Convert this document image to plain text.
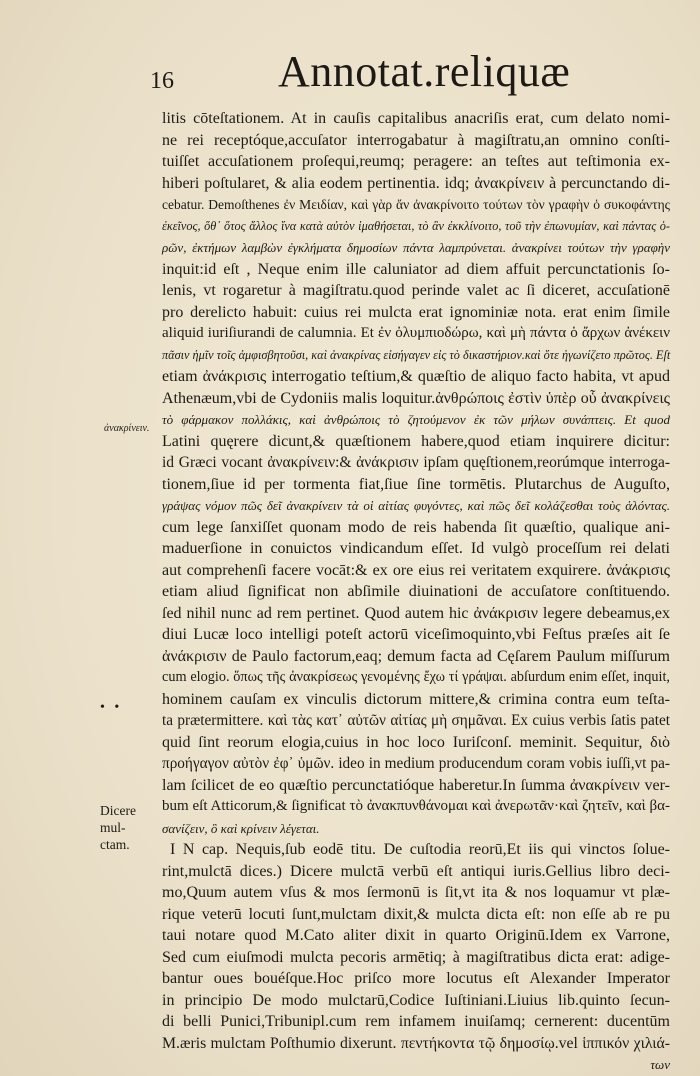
16 Annotat.reliquæ
ἀνακρίνειν.
• •
Dicere mul-
ctam.
litis cōteſtationem. At in cauſis capitalibus anacriſis erat, cum delato nomi-
ne rei receptóque,accuſator interrogabatur à magiſtratu,an omnino conſti-
tuiſſet accuſationem proſequi,reumq; peragere: an teſtes aut teſtimonia ex-
hiberi poſtularet, & alia eodem pertinentia. idq; ἀνακρίνειν à percunctando di-
cebatur. Demoſthenes ἐν Μειδίαν, καὶ γὰρ ἄν ἀνακρίνοιτο τούτων τὸν γραφὴν ὁ συκοφάντης
ἐκεῖνος, ὅθ᾽ ὅτος ἄλλος ἵνα κατὰ αὐτὸν ἱμαθήσεται, τὸ ἂν ἐκκλίνοιτο, τοῦ τὴν ἐπωνυμίαν, καὶ πάντας ὁ-
ρῶν, ἐκτήμων λαμβὼν ἐγκλήματα δημοσίων πάντα λαμπρύνεται. ἀνακρίνει τούτων τὴν γραφὴν
inquit:id eſt , Neque enim ille caluniator ad diem affuit percunctationis ſo-
lenis, vt rogaretur à magiſtratu.quod perinde valet ac ſi diceret, accuſationē
pro derelicto habuit: cuius rei mulcta erat ignominiæ nota. erat enim ſimile
aliquid iuriſiurandi de calumnia. Et ἐν ὀλυμπιοδώρω, καὶ μὴ πάντα ὁ ἄρχων ἀνέκειν
πᾶσιν ἡμῖν τοῖς ἀμφισβητοῦσι, καὶ ἀνακρίνας εἰσήγαγεν εἰς τὸ δικαστήριον.καὶ ὅτε ἠγωνίζετο πρῶτος. Eſt
etiam ἀνάκρισις interrogatio teſtium,& quæſtio de aliquo facto habita, vt apud
Athenæum,vbi de Cydoniis malis loquitur.ἀνθρώποις ἐστὶν ὑπὲρ οὗ ἀνακρίνεις
τὸ φάρμακον πολλάκις, καὶ ἀνθρώποις τὸ ζητούμενον ἐκ τῶν μήλων συνάπτεις. Et quod
Latini quęrere dicunt,& quæſtionem habere,quod etiam inquirere dicitur:
id Græci vocant ἀνακρίνειν:& ἀνάκρισιν ipſam quęſtionem,reorúmque interroga-
tionem,ſiue id per tormenta fiat,ſiue ſine tormētis. Plutarchus de Auguſto,
γράψας νόμον πῶς δεῖ ἀνακρίνειν τὰ οἱ αἰτίας φυγόντες, καὶ πῶς δεῖ κολάζεσθαι τοὺς ἁλόντας.
cum lege ſanxiſſet quonam modo de reis habenda ſit quæſtio, qualique ani-
maduerſione in conuictos vindicandum eſſet. Id vulgò proceſſum rei delati
aut comprehenſi facere vocāt:& ex ore eius rei veritatem exquirere. ἀνάκρισις
etiam aliud ſignificat non abſimile diuinationi de accuſatore conſtituendo.
ſed nihil nunc ad rem pertinet. Quod autem hic ἀνάκρισιν legere debeamus,ex
diui Lucæ loco intelligi poteſt actorū viceſimoquinto,vbi Feſtus præſes ait ſe
ἀνάκρισιν de Paulo factorum,eaq; demum facta ad Cęſarem Paulum miſſurum
cum elogio. ὅπως τῆς ἀνακρίσεως γενομένης ἔχω τί γράψαι. abſurdum enim eſſet, inquit,
hominem cauſam ex vinculis dictorum mittere,& crimina contra eum teſta-
ta prætermittere. καὶ τὰς κατ᾽ αὐτῶν αἰτίας μὴ σημᾶναι. Ex cuius verbis ſatis patet
quid ſint reorum elogia,cuius in hoc loco Iuriſconſ. meminit. Sequitur, διὸ
προήγαγον αὐτὸν ἐφ᾽ ὑμῶν. ideo in medium producendum coram vobis iuſſi,vt pa-
lam ſcilicet de eo quæſtio percunctatióque haberetur.In ſumma ἀνακρίνειν ver-
bum eſt Atticorum,& ſignificat τὸ ἀνακπυνθάνομαι καὶ ἀνερωτᾶν·καὶ ζητεῖν, καὶ βα-
σανίζειν, ὃ καὶ κρίνειν λέγεται.
I N cap. Nequis,ſub eodē titu. De cuſtodia reorū,Et iis qui vinctos ſolue-
rint,mulctā dices.) Dicere mulctā verbū eſt antiqui iuris.Gellius libro deci-
mo,Quum autem vſus & mos ſermonū is ſit,vt ita & nos loquamur vt plæ-
rique veterū locuti ſunt,mulctam dixit,& mulcta dicta eſt: non eſſe ab re pu
taui notare quod M.Cato aliter dixit in quarto Originū.Idem ex Varrone,
Sed cum eiuſmodi mulcta pecoris armētiq; à magiſtratibus dicta erat: adige-
bantur oues bouéſque.Hoc priſco more locutus eſt Alexander Imperator
in principio De modo mulctarū,Codice Iuſtiniani.Liuius lib.quinto ſecun-
di belli Punici,Tribunipl.cum rem infamem inuiſamq; cernerent: ducentūm
M.æris mulctam Poſthumio dixerunt. πεντήκοντα τῷ δημοσίῳ.vel ἱππικόν χιλιά-
των
